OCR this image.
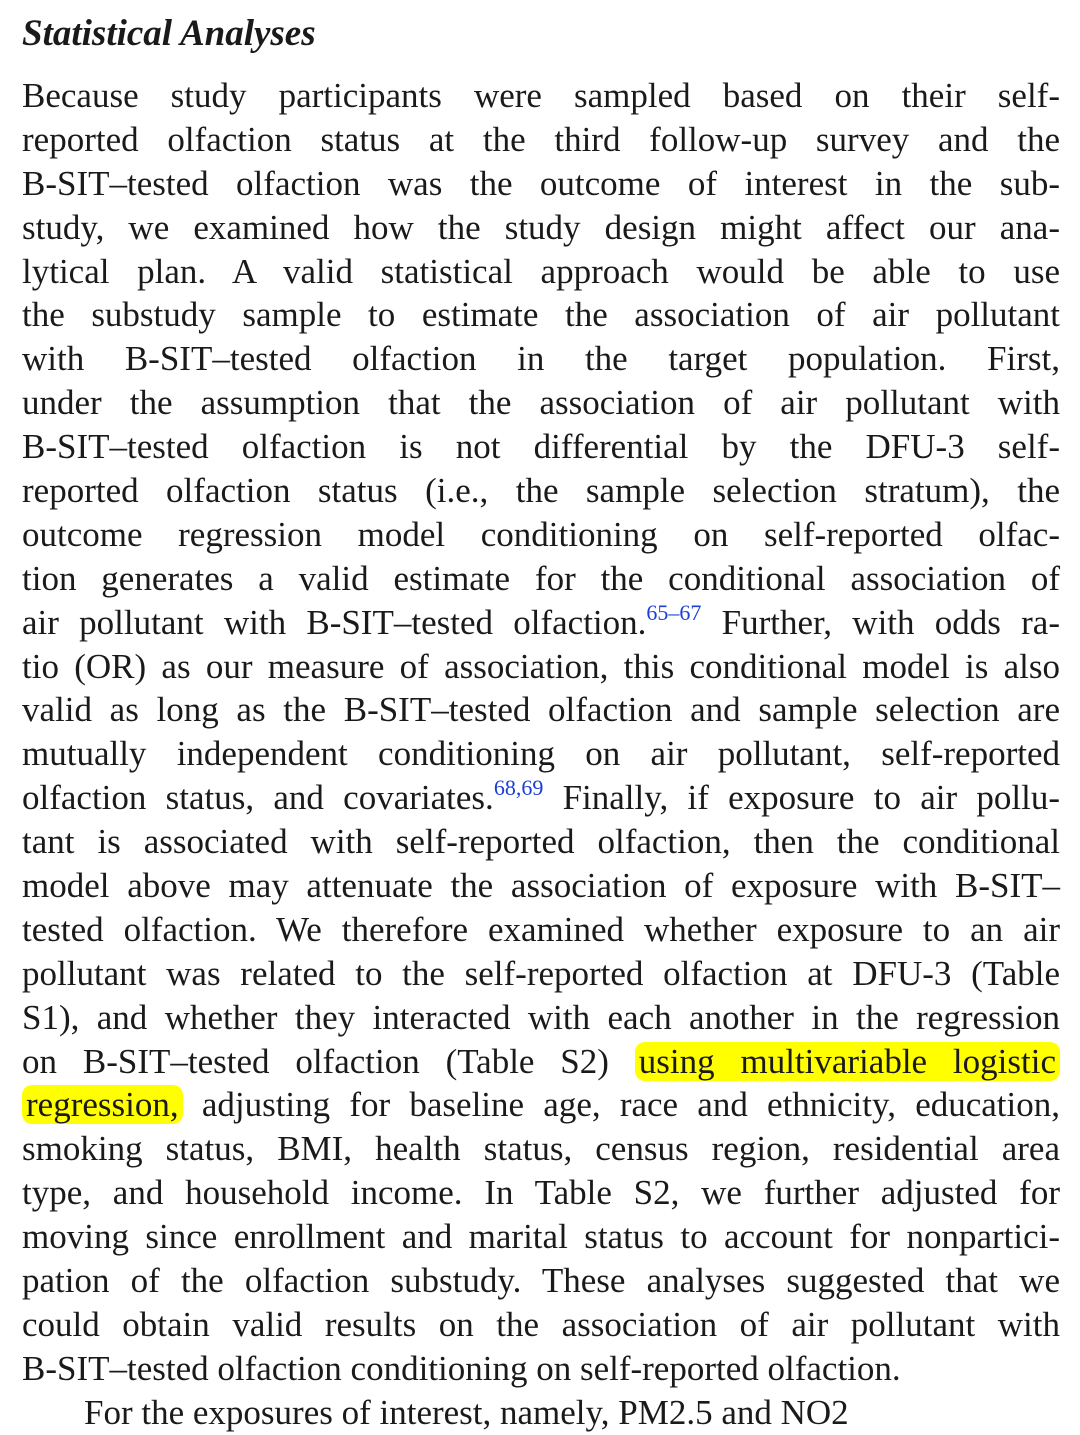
Statistical Analyses
Because study participants were sampled based on their self-
reported olfaction status at the third follow-up survey and the
B-SIT–tested olfaction was the outcome of interest in the sub-
study, we examined how the study design might affect our ana-
lytical plan. A valid statistical approach would be able to use
the substudy sample to estimate the association of air pollutant
with B-SIT–tested olfaction in the target population. First,
under the assumption that the association of air pollutant with
B-SIT–tested olfaction is not differential by the DFU-3 self-
reported olfaction status (i.e., the sample selection stratum), the
outcome regression model conditioning on self-reported olfac-
tion generates a valid estimate for the conditional association of
air pollutant with B-SIT–tested olfaction.$^{65-67}$ Further, with odds ra-
tio (OR) as our measure of association, this conditional model is also
valid as long as the B-SIT–tested olfaction and sample selection are
mutually independent conditioning on air pollutant, self-reported
olfaction status, and covariates.$^{68,69}$ Finally, if exposure to air pollu-
tant is associated with self-reported olfaction, then the conditional
model above may attenuate the association of exposure with B-SIT–
tested olfaction. We therefore examined whether exposure to an air
pollutant was related to the self-reported olfaction at DFU-3 (Table
S1), and whether they interacted with each another in the regression
on B-SIT–tested olfaction (Table S2) using multivariable logistic
regression, adjusting for baseline age, race and ethnicity, education,
smoking status, BMI, health status, census region, residential area
type, and household income. In Table S2, we further adjusted for
moving since enrollment and marital status to account for nonpartici-
pation of the olfaction substudy. These analyses suggested that we
could obtain valid results on the association of air pollutant with
B-SIT–tested olfaction conditioning on self-reported olfaction.
For the exposures of interest, namely, PM2.5 and NO2
